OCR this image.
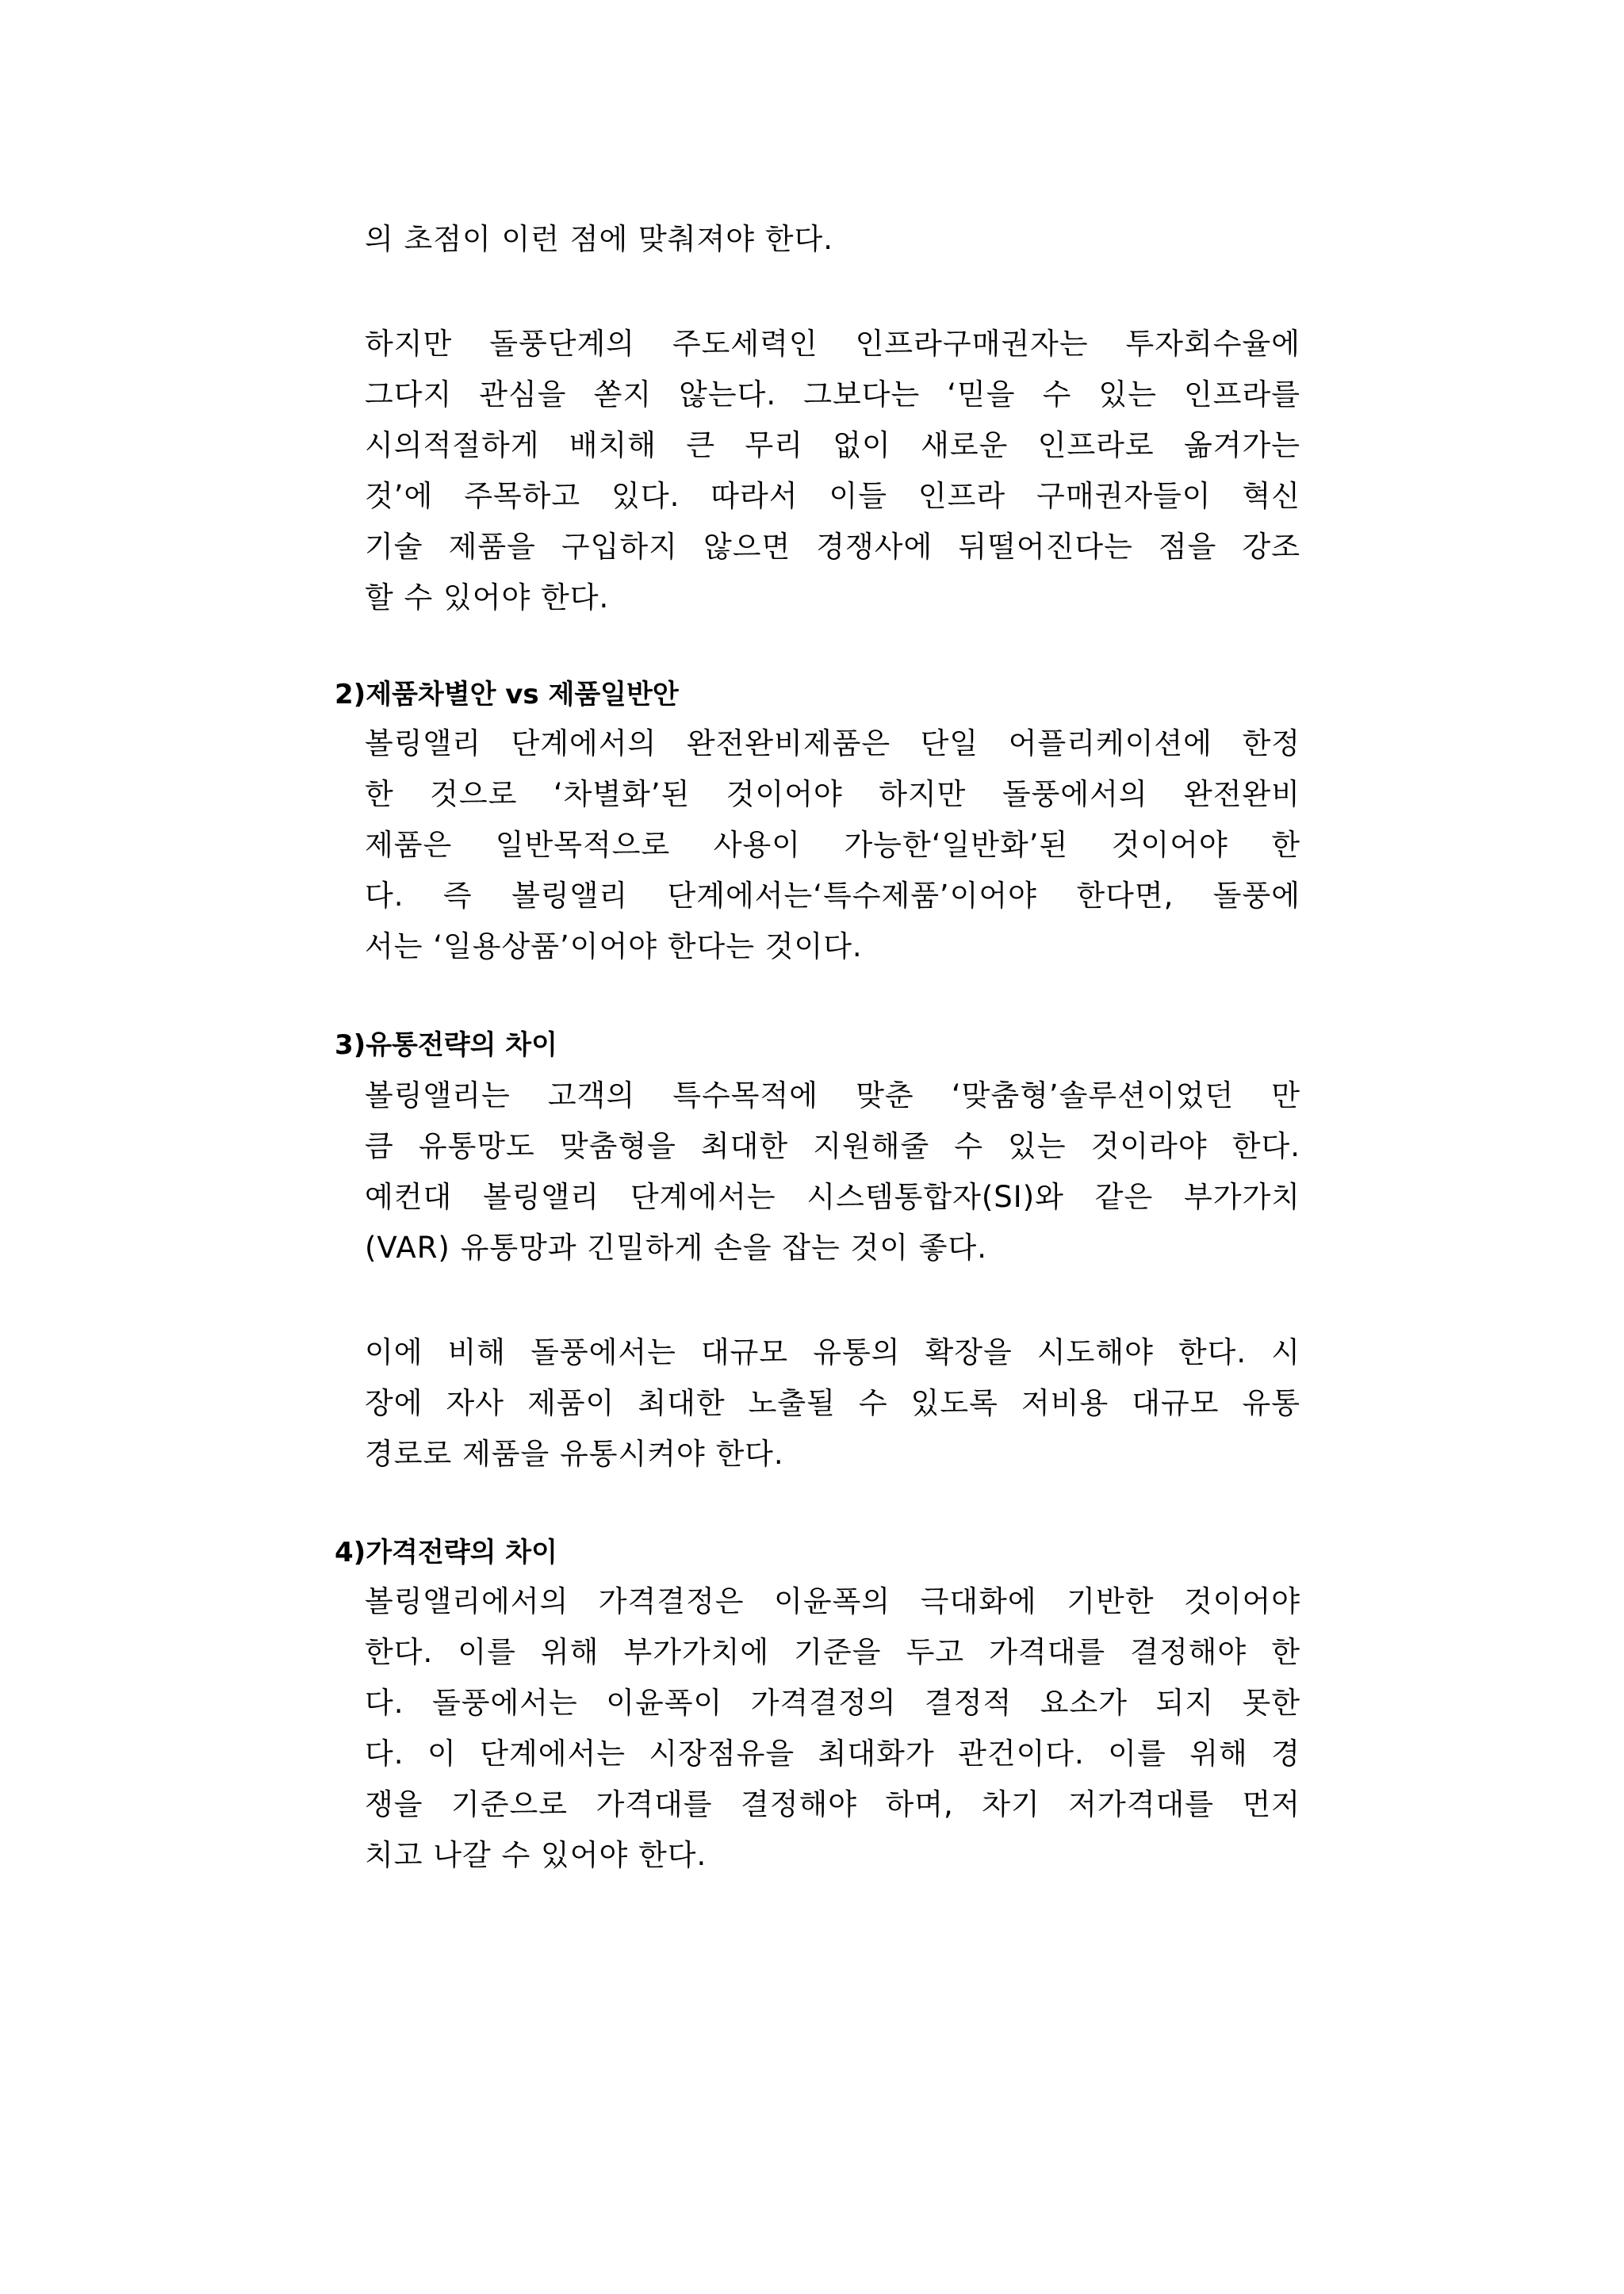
의 초점이 이런 점에 맞춰져야 한다.
하지만 돌풍단계의 주도세력인 인프라구매권자는 투자회수율에
그다지 관심을 쏟지 않는다. 그보다는 ‘믿을 수 있는 인프라를
시의적절하게 배치해 큰 무리 없이 새로운 인프라로 옮겨가는
것’에 주목하고 있다. 따라서 이들 인프라 구매권자들이 혁신
기술 제품을 구입하지 않으면 경쟁사에 뒤떨어진다는 점을 강조
할 수 있어야 한다.
2)제품차별안 vs 제품일반안
볼링앨리 단계에서의 완전완비제품은 단일 어플리케이션에 한정
한 것으로 ‘차별화’된 것이어야 하지만 돌풍에서의 완전완비
제품은 일반목적으로 사용이 가능한‘일반화’된 것이어야 한
다. 즉 볼링앨리 단계에서는‘특수제품’이어야 한다면, 돌풍에
서는 ‘일용상품’이어야 한다는 것이다.
3)유통전략의 차이
볼링앨리는 고객의 특수목적에 맞춘 ‘맞춤형’솔루션이었던 만
큼 유통망도 맞춤형을 최대한 지원해줄 수 있는 것이라야 한다.
예컨대 볼링앨리 단계에서는 시스템통합자(SI)와 같은 부가가치
(VAR) 유통망과 긴밀하게 손을 잡는 것이 좋다.
이에 비해 돌풍에서는 대규모 유통의 확장을 시도해야 한다. 시
장에 자사 제품이 최대한 노출될 수 있도록 저비용 대규모 유통
경로로 제품을 유통시켜야 한다.
4)가격전략의 차이
볼링앨리에서의 가격결정은 이윤폭의 극대화에 기반한 것이어야
한다. 이를 위해 부가가치에 기준을 두고 가격대를 결정해야 한
다. 돌풍에서는 이윤폭이 가격결정의 결정적 요소가 되지 못한
다. 이 단계에서는 시장점유을 최대화가 관건이다. 이를 위해 경
쟁을 기준으로 가격대를 결정해야 하며, 차기 저가격대를 먼저
치고 나갈 수 있어야 한다.
